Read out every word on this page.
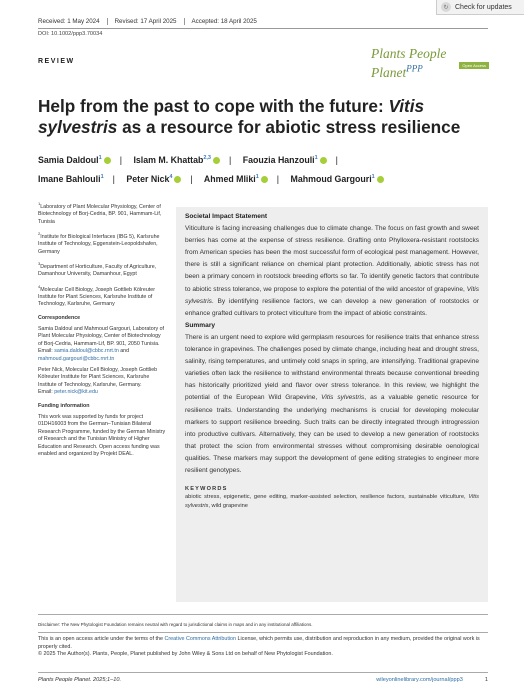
↻ Check for updates
Received: 1 May 2024 Revised: 17 April 2025 Accepted: 18 April 2025
DOI: 10.1002/ppp3.70034
REVIEW
Plants People Planet$^{PPP}$	Open Access
Help from the past to cope with the future: Vitis sylvestris as a resource for abiotic stress resilience
Samia Daldoul$^1$ | Islam M. Khattab$^{2,3}$ | Faouzia Hanzouli$^1$ |
Imane Bahlouli$^1$ | Peter Nick$^4$ | Ahmed Mliki$^1$ | Mahmoud Gargouri$^1$

$^1$Laboratory of Plant Molecular Physiology, Center of Biotechnology of Borj-Cedria, BP. 901, Hammam-Lif, Tunisia

$^2$Institute for Biological Interfaces (IBG 5), Karlsruhe Institute of Technology, Eggenstein-Leopoldshafen, Germany

$^3$Department of Horticulture, Faculty of Agriculture, Damanhour University, Damanhour, Egypt

$^4$Molecular Cell Biology, Joseph Gottlieb Kölreuter Institute for Plant Sciences, Karlsruhe Institute of Technology, Karlsruhe, Germany

Correspondence

Samia Daldoul and Mahmoud Gargouri, Laboratory of Plant Molecular Physiology, Center of Biotechnology of Borj-Cedria, Hammam-Lif, BP. 901, 2050 Tunisia.
Email: samia.daldoul@cbbc.rnrt.tn and
mahmoud.gargouri@cbbc.rnrt.tn

Peter Nick, Molecular Cell Biology, Joseph Gottlieb Kölreuter Institute for Plant Sciences, Karlsruhe Institute of Technology, Karlsruhe, Germany.
Email: peter.nick@kit.edu

Funding information

This work was supported by funds for project 01DH16003 from the German–Tunisian Bilateral Research Programme, funded by the German Ministry of Research and the Tunisian Ministry of Higher Education and Research. Open access funding was enabled and organized by Projekt DEAL.

Societal Impact Statement
Viticulture is facing increasing challenges due to climate change. The focus on fast growth and sweet berries has come at the expense of stress resilience. Grafting onto Phylloxera-resistant rootstocks from American species has been the most successful form of ecological pest management. However, there is still a significant reliance on chemical plant protection. Additionally, abiotic stress has not been a primary concern in rootstock breeding efforts so far. To identify genetic factors that contribute to abiotic stress tolerance, we propose to explore the potential of the wild ancestor of grapevine, Vitis sylvestris. By identifying resilience factors, we can develop a new generation of rootstocks or enhance grafted cultivars to protect viticulture from the impact of abiotic constraints.
Summary
There is an urgent need to explore wild germplasm resources for resilience traits that enhance stress tolerance in grapevines. The challenges posed by climate change, including heat and drought stress, salinity, rising temperatures, and untimely cold snaps in spring, are intensifying. Traditional grapevine varieties often lack the resilience to withstand environmental threats because conventional breeding has historically prioritized yield and flavor over stress tolerance. In this review, we highlight the potential of the European Wild Grapevine, Vitis sylvestris, as a valuable genetic resource for resilience traits. Understanding the underlying mechanisms is crucial for developing molecular markers to support resilience breeding. Such traits can be directly integrated through introgression into productive cultivars. Alternatively, they can be used to develop a new generation of rootstocks that protect the scion from environmental stresses without compromising desirable oenological qualities. These markers may support the development of gene editing strategies to engineer more resilient genotypes.
KEYWORDS
abiotic stress, epigenetic, gene editing, marker-assisted selection, resilience factors, sustainable viticulture, Vitis sylvestris, wild grapevine
Disclaimer: The New Phytologist Foundation remains neutral with regard to jurisdictional claims in maps and in any institutional affiliations.
This is an open access article under the terms of the Creative Commons Attribution License, which permits use, distribution and reproduction in any medium, provided the original work is properly cited.
© 2025 The Author(s). Plants, People, Planet published by John Wiley & Sons Ltd on behalf of New Phytologist Foundation.
Plants People Planet. 2025;1–10.	wileyonlinelibrary.com/journal/ppp3	1
